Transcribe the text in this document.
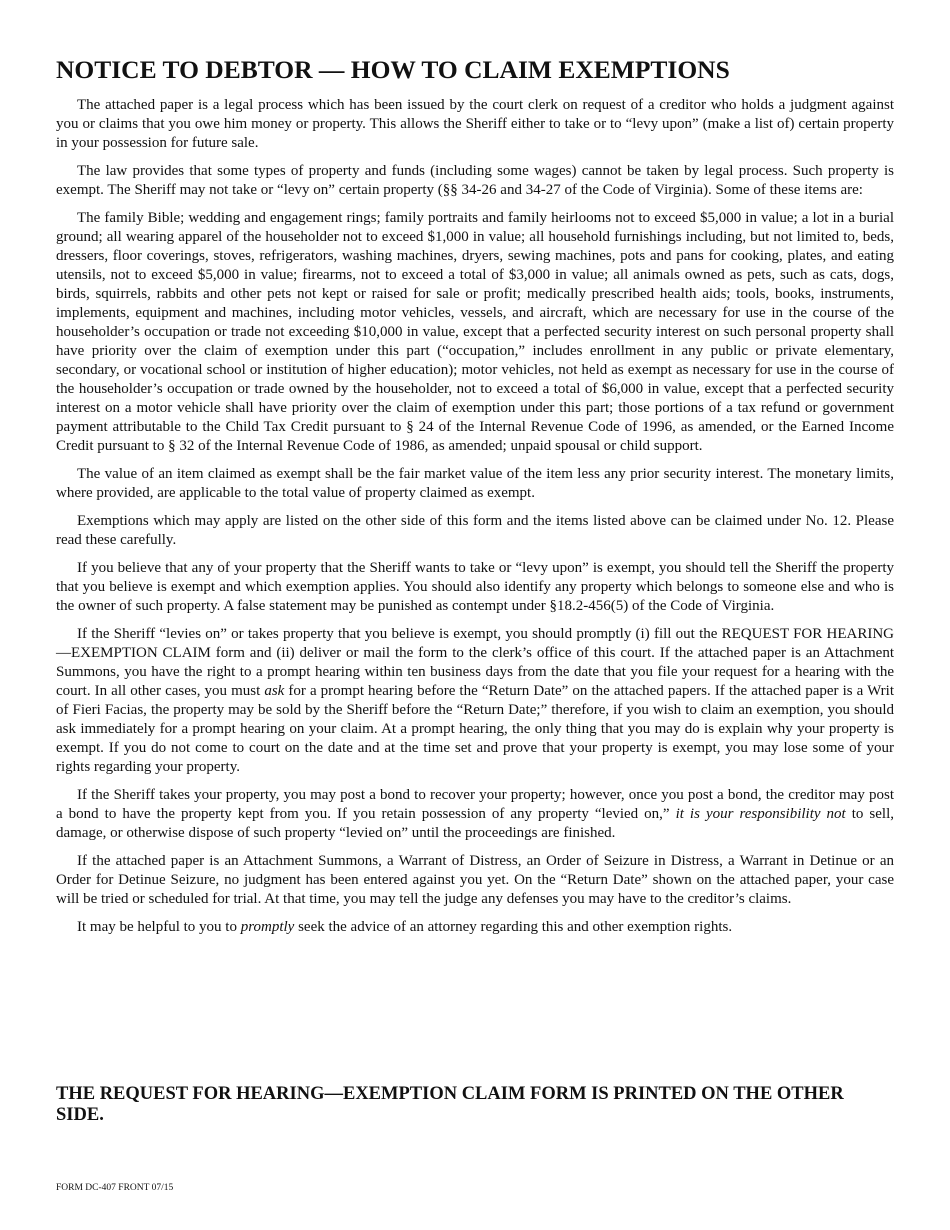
NOTICE TO DEBTOR — HOW TO CLAIM EXEMPTIONS

The attached paper is a legal process which has been issued by the court clerk on request of a creditor who holds a judgment against you or claims that you owe him money or property. This allows the Sheriff either to take or to “levy upon” (make a list of) certain property in your possession for future sale.

The law provides that some types of property and funds (including some wages) cannot be taken by legal process. Such property is exempt. The Sheriff may not take or “levy on” certain property (§§ 34-26 and 34-27 of the Code of Virginia). Some of these items are:

The family Bible; wedding and engagement rings; family portraits and family heirlooms not to exceed $5,000 in value; a lot in a burial ground; all wearing apparel of the householder not to exceed $1,000 in value; all household furnishings including, but not limited to, beds, dressers, floor coverings, stoves, refrigerators, washing machines, dryers, sewing machines, pots and pans for cooking, plates, and eating utensils, not to exceed $5,000 in value; firearms, not to exceed a total of $3,000 in value; all animals owned as pets, such as cats, dogs, birds, squirrels, rabbits and other pets not kept or raised for sale or profit; medically prescribed health aids; tools, books, instruments, implements, equipment and machines, including motor vehicles, vessels, and aircraft, which are necessary for use in the course of the householder’s occupation or trade not exceeding $10,000 in value, except that a perfected security interest on such personal property shall have priority over the claim of exemption under this part (“occupation,” includes enrollment in any public or private elementary, secondary, or vocational school or institution of higher education); motor vehicles, not held as exempt as necessary for use in the course of the householder’s occupation or trade owned by the householder, not to exceed a total of $6,000 in value, except that a perfected security interest on a motor vehicle shall have priority over the claim of exemption under this part; those portions of a tax refund or government payment attributable to the Child Tax Credit pursuant to § 24 of the Internal Revenue Code of 1996, as amended, or the Earned Income Credit pursuant to § 32 of the Internal Revenue Code of 1986, as amended; unpaid spousal or child support.

The value of an item claimed as exempt shall be the fair market value of the item less any prior security interest. The monetary limits, where provided, are applicable to the total value of property claimed as exempt.

Exemptions which may apply are listed on the other side of this form and the items listed above can be claimed under No. 12. Please read these carefully.

If you believe that any of your property that the Sheriff wants to take or “levy upon” is exempt, you should tell the Sheriff the property that you believe is exempt and which exemption applies. You should also identify any property which belongs to someone else and who is the owner of such property. A false statement may be punished as contempt under §18.2-456(5) of the Code of Virginia.

If the Sheriff “levies on” or takes property that you believe is exempt, you should promptly (i) fill out the REQUEST FOR HEARING—EXEMPTION CLAIM form and (ii) deliver or mail the form to the clerk’s office of this court. If the attached paper is an Attachment Summons, you have the right to a prompt hearing within ten business days from the date that you file your request for a hearing with the court. In all other cases, you must ask for a prompt hearing before the “Return Date” on the attached papers. If the attached paper is a Writ of Fieri Facias, the property may be sold by the Sheriff before the “Return Date;” therefore, if you wish to claim an exemption, you should ask immediately for a prompt hearing on your claim. At a prompt hearing, the only thing that you may do is explain why your property is exempt. If you do not come to court on the date and at the time set and prove that your property is exempt, you may lose some of your rights regarding your property.

If the Sheriff takes your property, you may post a bond to recover your property; however, once you post a bond, the creditor may post a bond to have the property kept from you. If you retain possession of any property “levied on,” it is your responsibility not to sell, damage, or otherwise dispose of such property “levied on” until the proceedings are finished.

If the attached paper is an Attachment Summons, a Warrant of Distress, an Order of Seizure in Distress, a Warrant in Detinue or an Order for Detinue Seizure, no judgment has been entered against you yet. On the “Return Date” shown on the attached paper, your case will be tried or scheduled for trial. At that time, you may tell the judge any defenses you may have to the creditor’s claims.

It may be helpful to you to promptly seek the advice of an attorney regarding this and other exemption rights.

THE REQUEST FOR HEARING—EXEMPTION CLAIM FORM IS PRINTED ON THE OTHER SIDE.
FORM DC-407 FRONT 07/15
